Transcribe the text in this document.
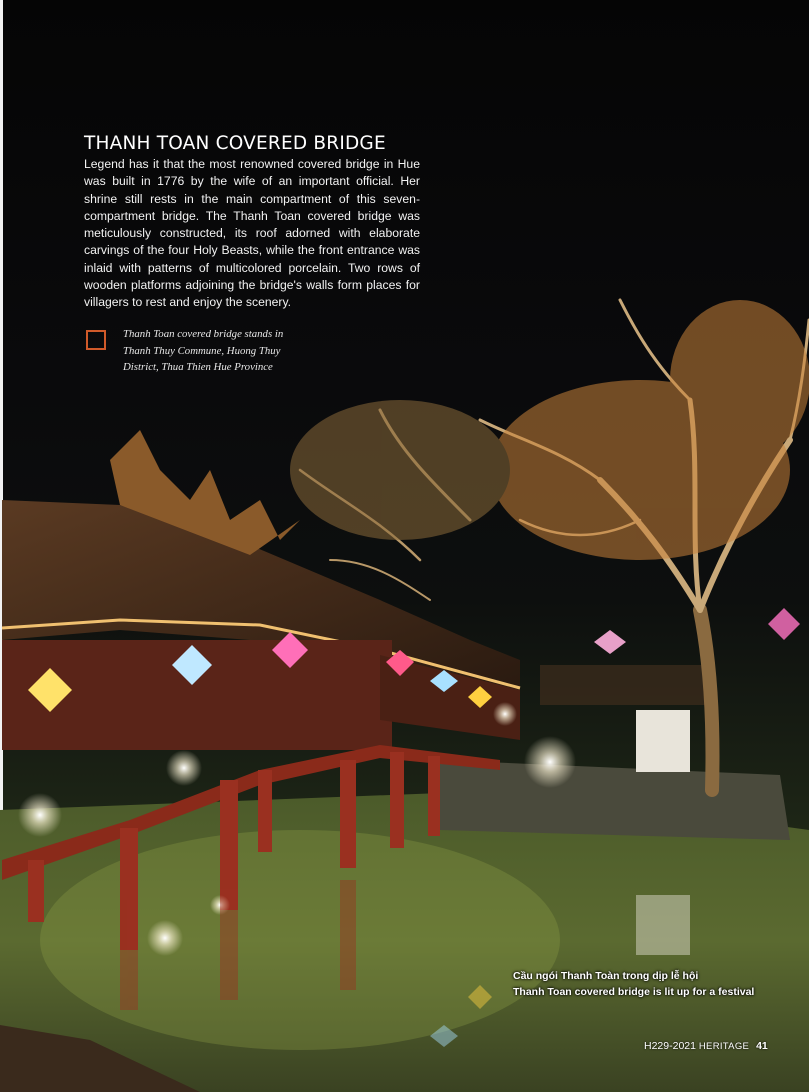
THANH TOAN COVERED BRIDGE
Legend has it that the most renowned covered bridge in Hue was built in 1776 by the wife of an important official. Her shrine still rests in the main compartment of this seven-compartment bridge. The Thanh Toan covered bridge was meticulously constructed, its roof adorned with elaborate carvings of the four Holy Beasts, while the front entrance was inlaid with patterns of multicolored porcelain. Two rows of wooden platforms adjoining the bridge's walls form places for villagers to rest and enjoy the scenery.
Thanh Toan covered bridge stands in Thanh Thuy Commune, Huong Thuy District, Thua Thien Hue Province
Cầu ngói Thanh Toàn trong dịp lễ hội
Thanh Toan covered bridge is lit up for a festival
H229-2021 HERITAGE 41
